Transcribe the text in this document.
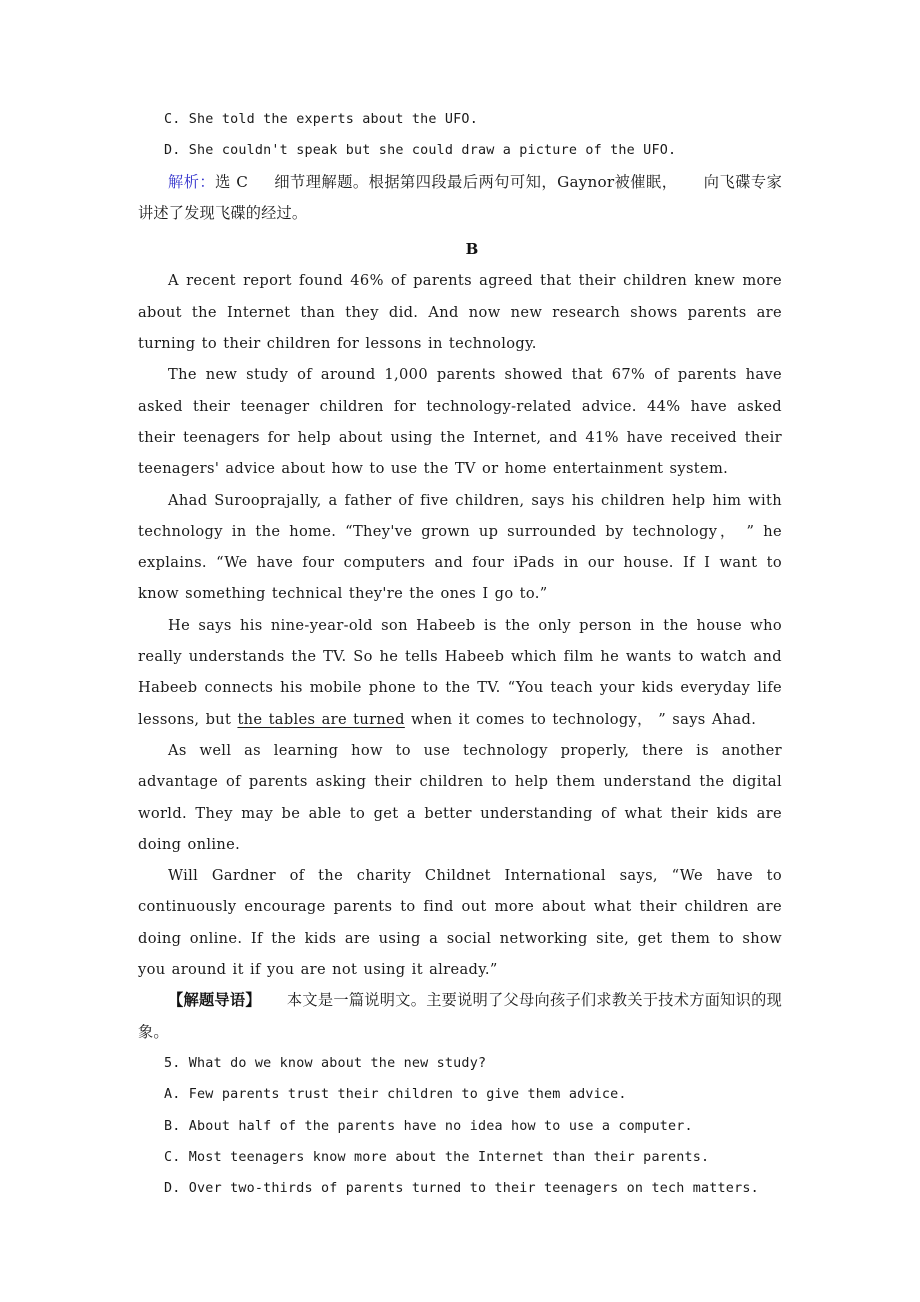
C. She told the experts about the UFO.

D. She couldn't speak but she could draw a picture of the UFO.

解析：选 C 细节理解题。根据第四段最后两句可知，Gaynor被催眠， 向飞碟专家讲述了发现飞碟的经过。

B

A recent report found 46% of parents agreed that their children knew more about the Internet than they did. And now new research shows parents are turning to their children for lessons in technology.

The new study of around 1,000 parents showed that 67% of parents have asked their teenager children for technology-related advice. 44% have asked their teenagers for help about using the Internet, and 41% have received their teenagers' advice about how to use the TV or home entertainment system.

Ahad Surooprajally, a father of five children, says his children help him with technology in the home. “They've grown up surrounded by technology， ” he explains. “We have four computers and four iPads in our house. If I want to know something technical they're the ones I go to.”

He says his nine-year-old son Habeeb is the only person in the house who really understands the TV. So he tells Habeeb which film he wants to watch and Habeeb connects his mobile phone to the TV. “You teach your kids everyday life lessons, but the tables are turned when it comes to technology， ” says Ahad.

As well as learning how to use technology properly, there is another advantage of parents asking their children to help them understand the digital world. They may be able to get a better understanding of what their kids are doing online.

Will Gardner of the charity Childnet International says, “We have to continuously encourage parents to find out more about what their children are doing online. If the kids are using a social networking site, get them to show you around it if you are not using it already.”

【解题导语】 本文是一篇说明文。主要说明了父母向孩子们求教关于技术方面知识的现象。

5. What do we know about the new study?

A. Few parents trust their children to give them advice.

B. About half of the parents have no idea how to use a computer.

C. Most teenagers know more about the Internet than their parents.

D. Over two-thirds of parents turned to their teenagers on tech matters.
